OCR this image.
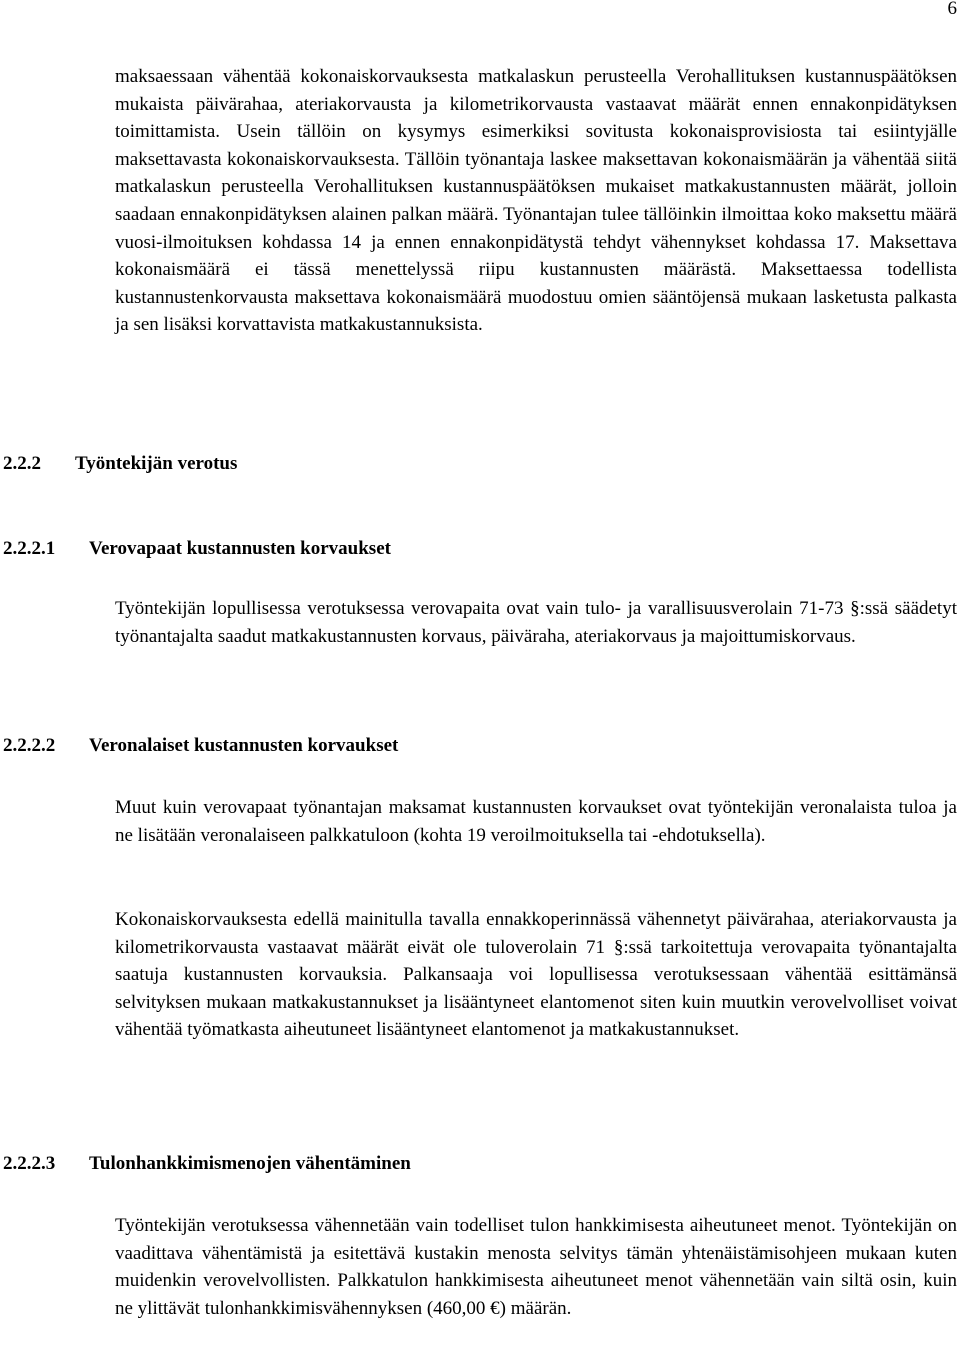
6

maksaessaan vähentää kokonaiskorvauksesta matkalaskun perusteella Verohallituksen kustannuspäätöksen mukaista päivärahaa, ateriakorvausta ja kilometrikorvausta vastaavat määrät ennen ennakonpidätyksen toimittamista. Usein tällöin on kysymys esimerkiksi sovitusta kokonaisprovisiosta tai esiintyjälle maksettavasta kokonaiskorvauksesta. Tällöin työnantaja laskee maksettavan kokonaismäärän ja vähentää siitä matkalaskun perusteella Verohallituksen kustannuspäätöksen mukaiset matkakustannusten määrät, jolloin saadaan ennakonpidätyksen alainen palkan määrä. Työnantajan tulee tällöinkin ilmoittaa koko maksettu määrä vuosi-ilmoituksen kohdassa 14 ja ennen ennakonpidätystä tehdyt vähennykset kohdassa 17. Maksettava kokonaismäärä ei tässä menettelyssä riipu kustannusten määrästä. Maksettaessa todellista kustannustenkorvausta maksettava kokonaismäärä muodostuu omien sääntöjensä mukaan lasketusta palkasta ja sen lisäksi korvattavista matkakustannuksista.

2.2.2 Työntekijän verotus
2.2.2.1 Verovapaat kustannusten korvaukset

Työntekijän lopullisessa verotuksessa verovapaita ovat vain tulo- ja varallisuusverolain 71-73 §:ssä säädetyt työnantajalta saadut matkakustannusten korvaus, päiväraha, ateriakorvaus ja majoittumiskorvaus.

2.2.2.2 Veronalaiset kustannusten korvaukset

Muut kuin verovapaat työnantajan maksamat kustannusten korvaukset ovat työntekijän veronalaista tuloa ja ne lisätään veronalaiseen palkkatuloon (kohta 19 veroilmoituksella tai -ehdotuksella).

Kokonaiskorvauksesta edellä mainitulla tavalla ennakkoperinnässä vähennetyt päivärahaa, ateriakorvausta ja kilometrikorvausta vastaavat määrät eivät ole tuloverolain 71 §:ssä tarkoitettuja verovapaita työnantajalta saatuja kustannusten korvauksia. Palkansaaja voi lopullisessa verotuksessaan vähentää esittämänsä selvityksen mukaan matkakustannukset ja lisääntyneet elantomenot siten kuin muutkin verovelvolliset voivat vähentää työmatkasta aiheutuneet lisääntyneet elantomenot ja matkakustannukset.

2.2.2.3 Tulonhankkimismenojen vähentäminen

Työntekijän verotuksessa vähennetään vain todelliset tulon hankkimisesta aiheutuneet menot. Työntekijän on vaadittava vähentämistä ja esitettävä kustakin menosta selvitys tämän yhtenäistämisohjeen mukaan kuten muidenkin verovelvollisten. Palkkatulon hankkimisesta aiheutuneet menot vähennetään vain siltä osin, kuin ne ylittävät tulonhankkimisvähennyksen (460,00 €) määrän.
